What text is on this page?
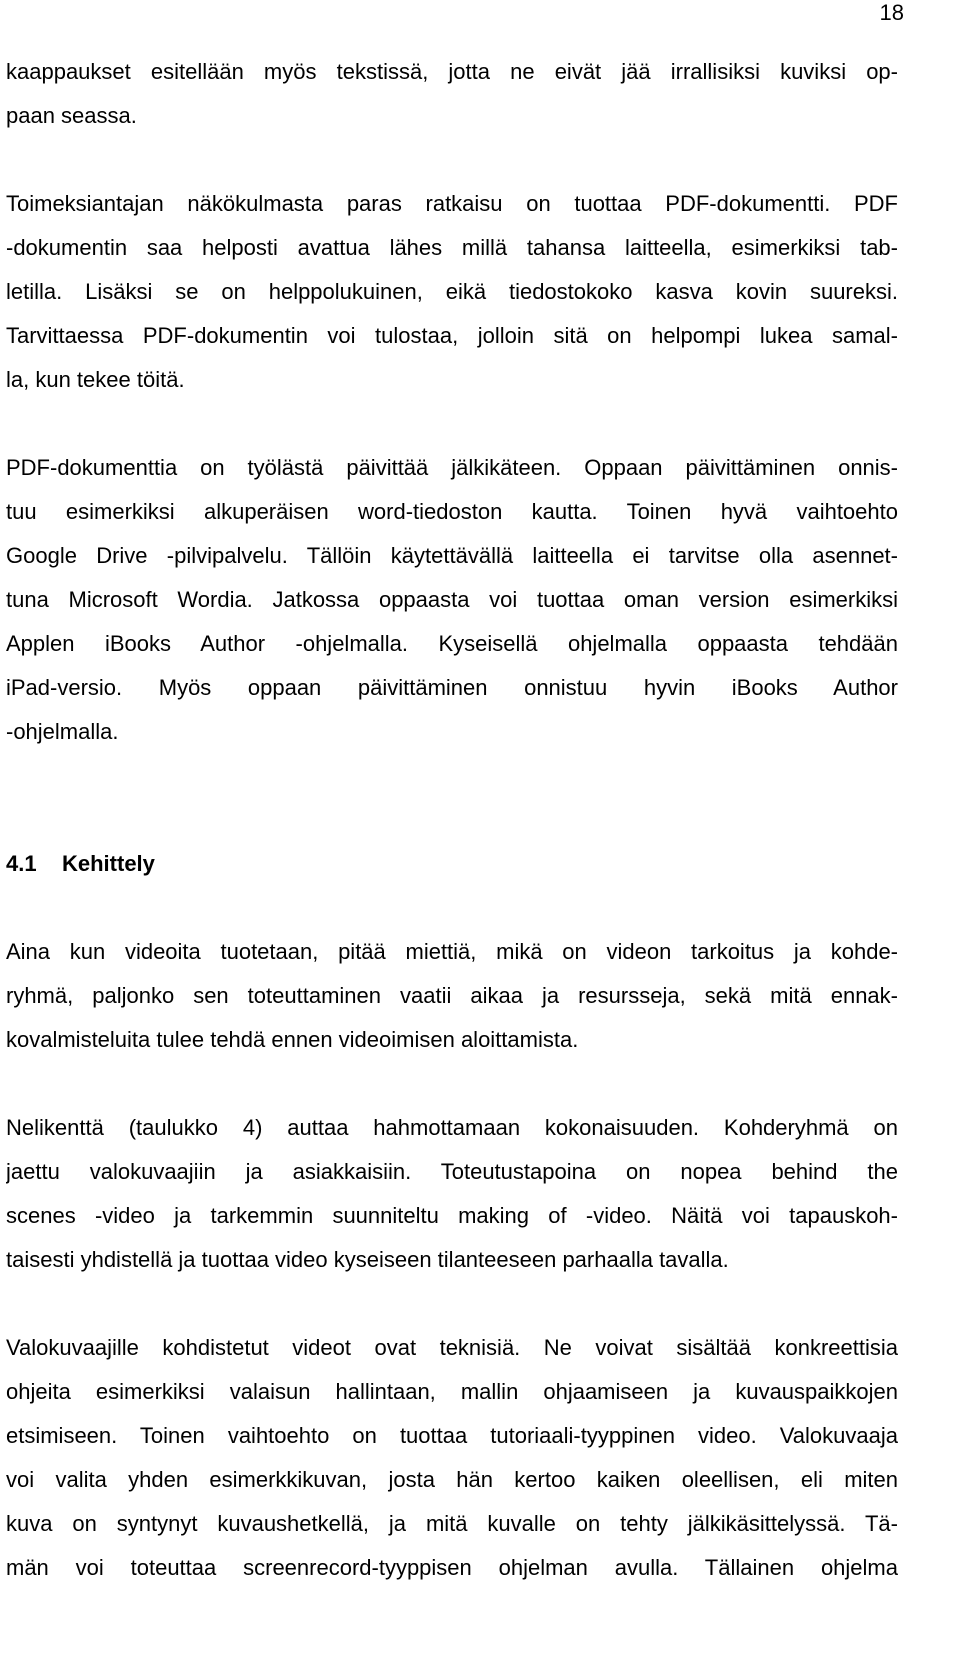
18
kaappaukset esitellään myös tekstissä, jotta ne eivät jää irrallisiksi kuviksi op-
paan seassa.
Toimeksiantajan näkökulmasta paras ratkaisu on tuottaa PDF-dokumentti. PDF
-dokumentin saa helposti avattua lähes millä tahansa laitteella, esimerkiksi tab-
letilla. Lisäksi se on helppolukuinen, eikä tiedostokoko kasva kovin suureksi.
Tarvittaessa PDF-dokumentin voi tulostaa, jolloin sitä on helpompi lukea samal-
la, kun tekee töitä.
PDF-dokumenttia on työlästä päivittää jälkikäteen. Oppaan päivittäminen onnis-
tuu esimerkiksi alkuperäisen word-tiedoston kautta. Toinen hyvä vaihtoehto
Google Drive -pilvipalvelu. Tällöin käytettävällä laitteella ei tarvitse olla asennet-
tuna Microsoft Wordia. Jatkossa oppaasta voi tuottaa oman version esimerkiksi
Applen iBooks Author -ohjelmalla. Kyseisellä ohjelmalla oppaasta tehdään
iPad-versio. Myös oppaan päivittäminen onnistuu hyvin iBooks Author
-ohjelmalla.
4.1 Kehittely
Aina kun videoita tuotetaan, pitää miettiä, mikä on videon tarkoitus ja kohde-
ryhmä, paljonko sen toteuttaminen vaatii aikaa ja resursseja, sekä mitä ennak-
kovalmisteluita tulee tehdä ennen videoimisen aloittamista.
Nelikenttä (taulukko 4) auttaa hahmottamaan kokonaisuuden. Kohderyhmä on
jaettu valokuvaajiin ja asiakkaisiin. Toteutustapoina on nopea behind the
scenes -video ja tarkemmin suunniteltu making of -video. Näitä voi tapauskoh-
taisesti yhdistellä ja tuottaa video kyseiseen tilanteeseen parhaalla tavalla.
Valokuvaajille kohdistetut videot ovat teknisiä. Ne voivat sisältää konkreettisia
ohjeita esimerkiksi valaisun hallintaan, mallin ohjaamiseen ja kuvauspaikkojen
etsimiseen. Toinen vaihtoehto on tuottaa tutoriaali-tyyppinen video. Valokuvaaja
voi valita yhden esimerkkikuvan, josta hän kertoo kaiken oleellisen, eli miten
kuva on syntynyt kuvaushetkellä, ja mitä kuvalle on tehty jälkikäsittelyssä. Tä-
män voi toteuttaa screenrecord-tyyppisen ohjelman avulla. Tällainen ohjelma
